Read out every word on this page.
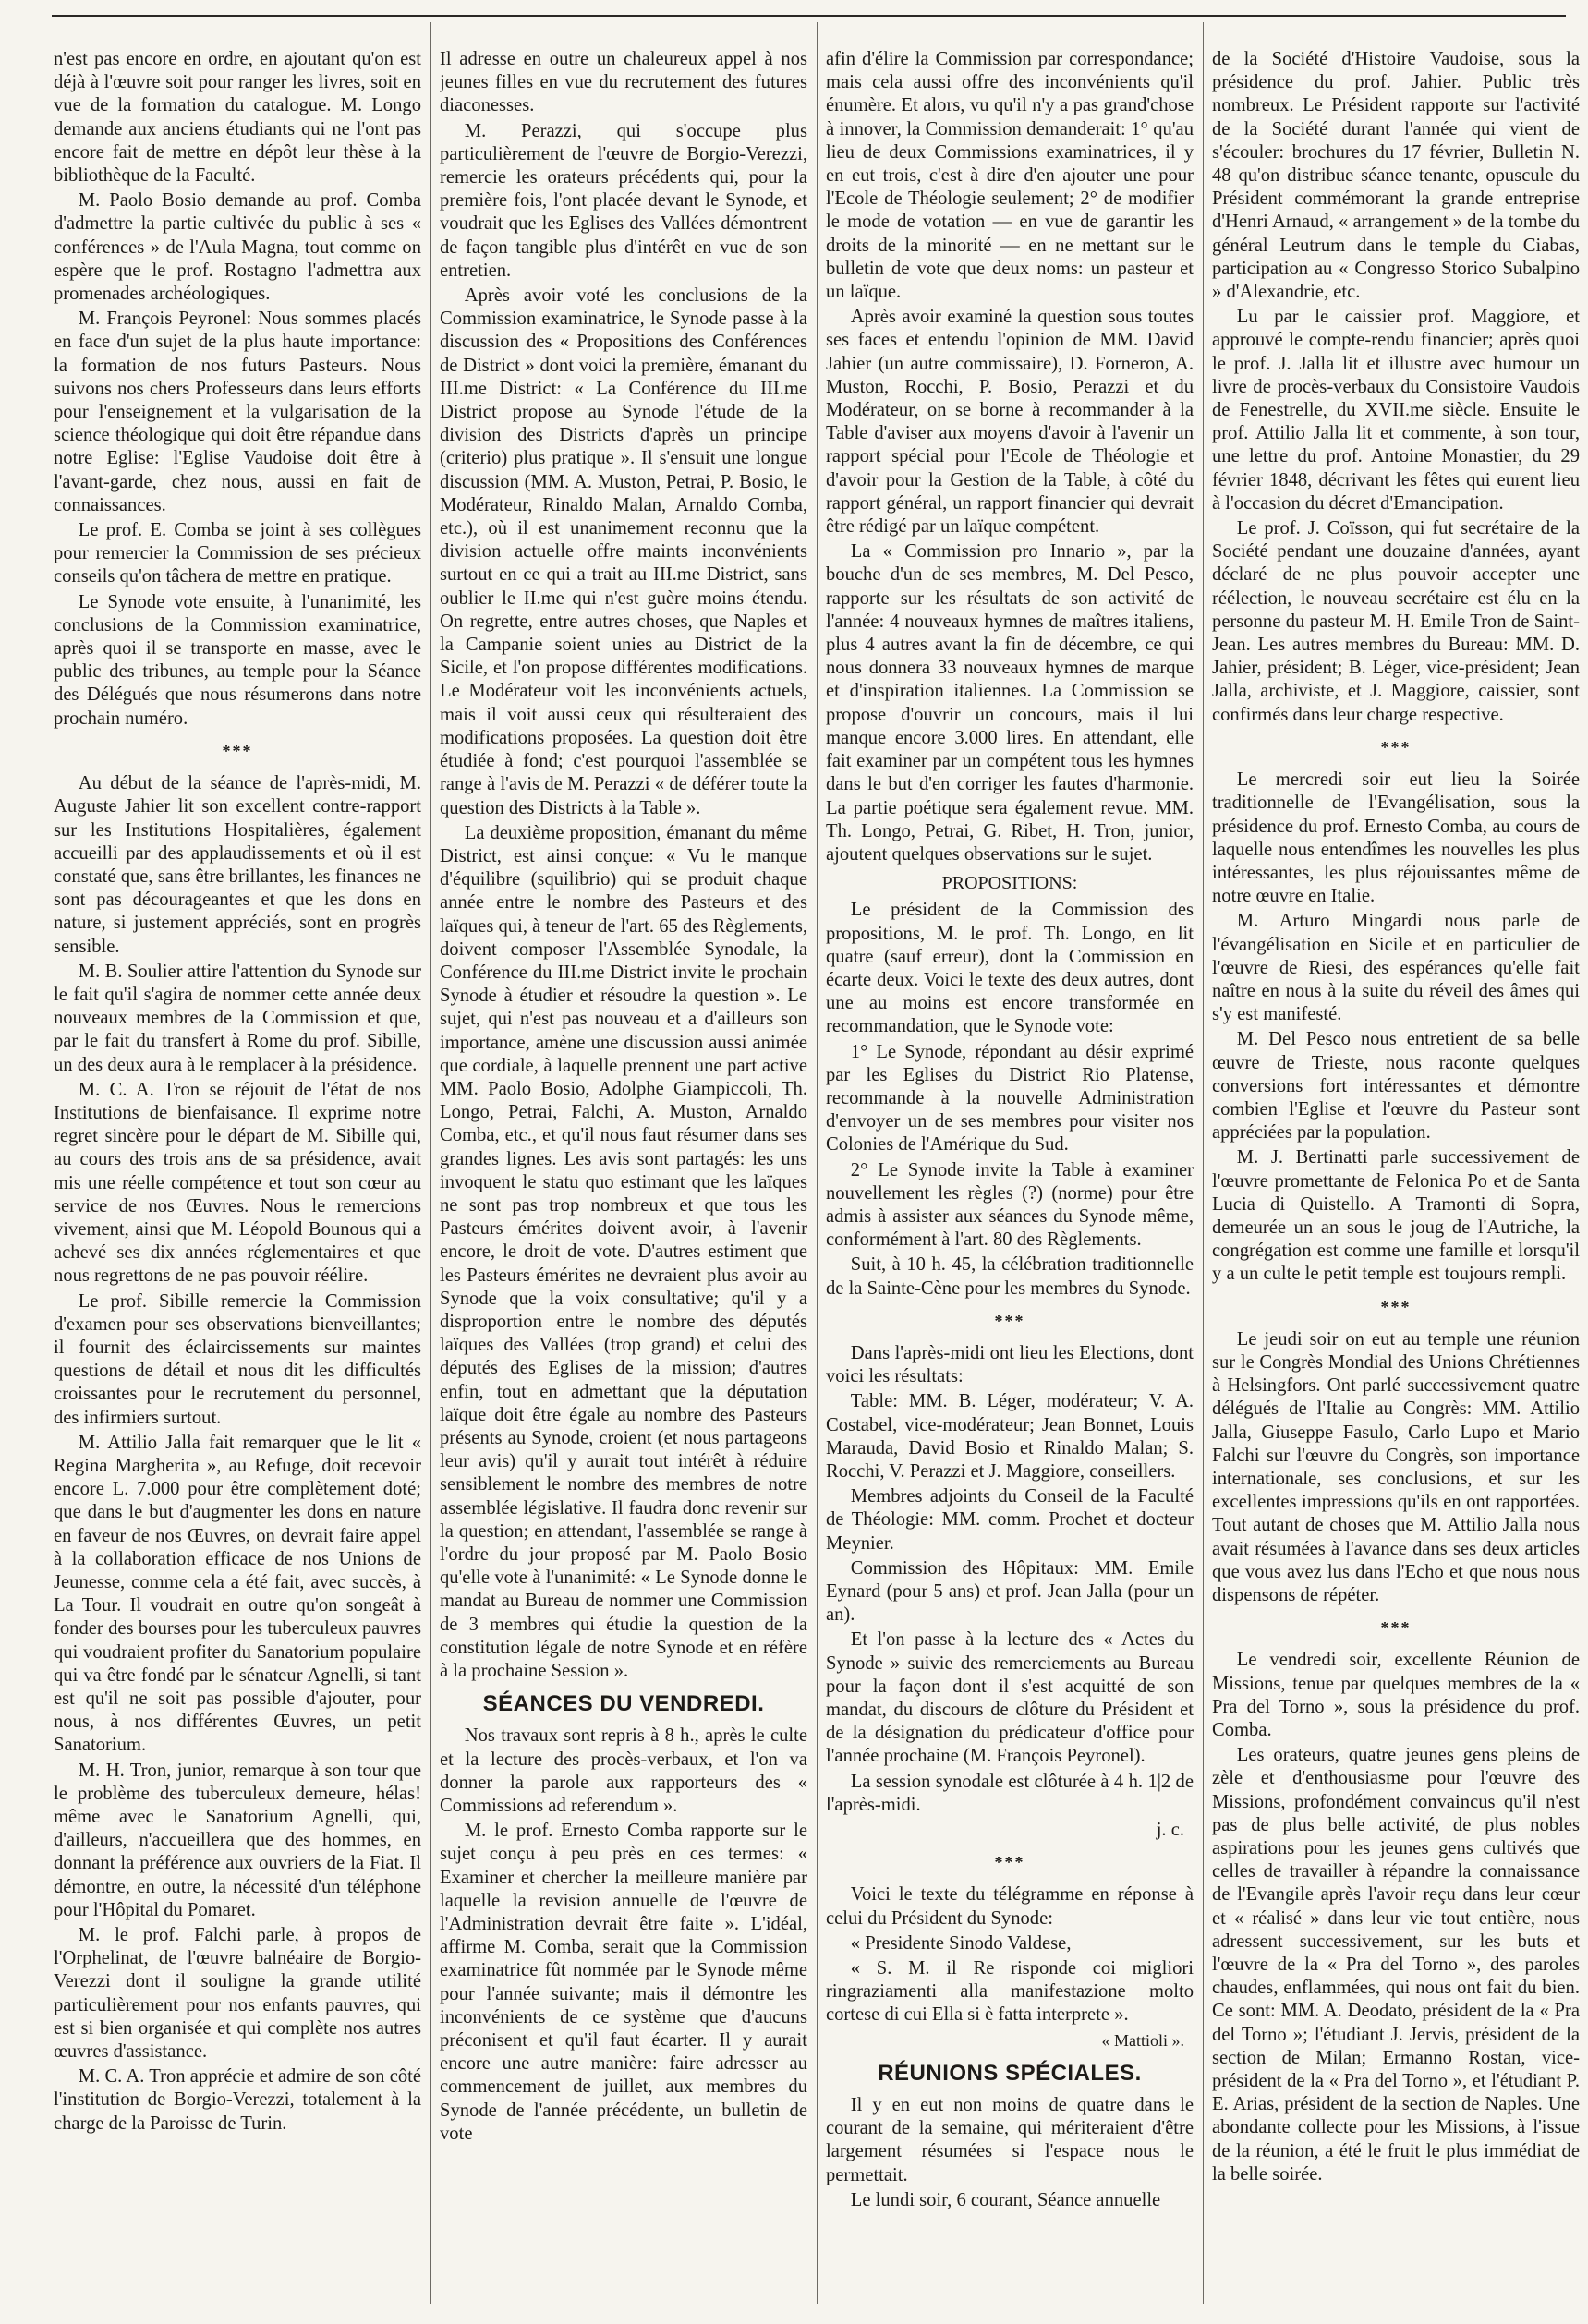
n'est pas encore en ordre, en ajoutant qu'on est déjà à l'œuvre soit pour ranger les livres, soit en vue de la formation du catalogue. M. Longo demande aux anciens étudiants qui ne l'ont pas encore fait de mettre en dépôt leur thèse à la bibliothèque de la Faculté.

M. Paolo Bosio demande au prof. Comba d'admettre la partie cultivée du public à ses « conférences » de l'Aula Magna, tout comme on espère que le prof. Rostagno l'admettra aux promenades archéologiques.

M. François Peyronel: Nous sommes placés en face d'un sujet de la plus haute importance: la formation de nos futurs Pasteurs. Nous suivons nos chers Professeurs dans leurs efforts pour l'enseignement et la vulgarisation de la science théologique qui doit être répandue dans notre Eglise: l'Eglise Vaudoise doit être à l'avant-garde, chez nous, aussi en fait de connaissances.

Le prof. E. Comba se joint à ses collègues pour remercier la Commission de ses précieux conseils qu'on tâchera de mettre en pratique.

Le Synode vote ensuite, à l'unanimité, les conclusions de la Commission examinatrice, après quoi il se transporte en masse, avec le public des tribunes, au temple pour la Séance des Délégués que nous résumerons dans notre prochain numéro.

***

Au début de la séance de l'après-midi, M. Auguste Jahier lit son excellent contre-rapport sur les Institutions Hospitalières, également accueilli par des applaudissements et où il est constaté que, sans être brillantes, les finances ne sont pas décourageantes et que les dons en nature, si justement appréciés, sont en progrès sensible.

M. B. Soulier attire l'attention du Synode sur le fait qu'il s'agira de nommer cette année deux nouveaux membres de la Commission et que, par le fait du transfert à Rome du prof. Sibille, un des deux aura à le remplacer à la présidence.

M. C. A. Tron se réjouit de l'état de nos Institutions de bienfaisance. Il exprime notre regret sincère pour le départ de M. Sibille qui, au cours des trois ans de sa présidence, avait mis une réelle compétence et tout son cœur au service de nos Œuvres. Nous le remercions vivement, ainsi que M. Léopold Bounous qui a achevé ses dix années réglementaires et que nous regrettons de ne pas pouvoir réélire.

Le prof. Sibille remercie la Commission d'examen pour ses observations bienveillantes; il fournit des éclaircissements sur maintes questions de détail et nous dit les difficultés croissantes pour le recrutement du personnel, des infirmiers surtout.

M. Attilio Jalla fait remarquer que le lit « Regina Margherita », au Refuge, doit recevoir encore L. 7.000 pour être complètement doté; que dans le but d'augmenter les dons en nature en faveur de nos Œuvres, on devrait faire appel à la collaboration efficace de nos Unions de Jeunesse, comme cela a été fait, avec succès, à La Tour. Il voudrait en outre qu'on songeât à fonder des bourses pour les tuberculeux pauvres qui voudraient profiter du Sanatorium populaire qui va être fondé par le sénateur Agnelli, si tant est qu'il ne soit pas possible d'ajouter, pour nous, à nos différentes Œuvres, un petit Sanatorium.

M. H. Tron, junior, remarque à son tour que le problème des tuberculeux demeure, hélas! même avec le Sanatorium Agnelli, qui, d'ailleurs, n'accueillera que des hommes, en donnant la préférence aux ouvriers de la Fiat. Il démontre, en outre, la nécessité d'un téléphone pour l'Hôpital du Pomaret.

M. le prof. Falchi parle, à propos de l'Orphelinat, de l'œuvre balnéaire de Borgio-Verezzi dont il souligne la grande utilité particulièrement pour nos enfants pauvres, qui est si bien organisée et qui complète nos autres œuvres d'assistance.

M. C. A. Tron apprécie et admire de son côté l'institution de Borgio-Verezzi, totalement à la charge de la Paroisse de Turin.

Il adresse en outre un chaleureux appel à nos jeunes filles en vue du recrutement des futures diaconesses.

M. Perazzi, qui s'occupe plus particulièrement de l'œuvre de Borgio-Verezzi, remercie les orateurs précédents qui, pour la première fois, l'ont placée devant le Synode, et voudrait que les Eglises des Vallées démontrent de façon tangible plus d'intérêt en vue de son entretien.

Après avoir voté les conclusions de la Commission examinatrice, le Synode passe à la discussion des « Propositions des Conférences de District » dont voici la première, émanant du III.me District: « La Conférence du III.me District propose au Synode l'étude de la division des Districts d'après un principe (criterio) plus pratique ». Il s'ensuit une longue discussion (MM. A. Muston, Petrai, P. Bosio, le Modérateur, Rinaldo Malan, Arnaldo Comba, etc.), où il est unanimement reconnu que la division actuelle offre maints inconvénients surtout en ce qui a trait au III.me District, sans oublier le II.me qui n'est guère moins étendu. On regrette, entre autres choses, que Naples et la Campanie soient unies au District de la Sicile, et l'on propose différentes modifications. Le Modérateur voit les inconvénients actuels, mais il voit aussi ceux qui résulteraient des modifications proposées. La question doit être étudiée à fond; c'est pourquoi l'assemblée se range à l'avis de M. Perazzi « de déférer toute la question des Districts à la Table ».

La deuxième proposition, émanant du même District, est ainsi conçue: « Vu le manque d'équilibre (squilibrio) qui se produit chaque année entre le nombre des Pasteurs et des laïques qui, à teneur de l'art. 65 des Règlements, doivent composer l'Assemblée Synodale, la Conférence du III.me District invite le prochain Synode à étudier et résoudre la question ». Le sujet, qui n'est pas nouveau et a d'ailleurs son importance, amène une discussion aussi animée que cordiale, à laquelle prennent une part active MM. Paolo Bosio, Adolphe Giampiccoli, Th. Longo, Petrai, Falchi, A. Muston, Arnaldo Comba, etc., et qu'il nous faut résumer dans ses grandes lignes. Les avis sont partagés: les uns invoquent le statu quo estimant que les laïques ne sont pas trop nombreux et que tous les Pasteurs émérites doivent avoir, à l'avenir encore, le droit de vote. D'autres estiment que les Pasteurs émérites ne devraient plus avoir au Synode que la voix consultative; qu'il y a disproportion entre le nombre des députés laïques des Vallées (trop grand) et celui des députés des Eglises de la mission; d'autres enfin, tout en admettant que la députation laïque doit être égale au nombre des Pasteurs présents au Synode, croient (et nous partageons leur avis) qu'il y aurait tout intérêt à réduire sensiblement le nombre des membres de notre assemblée législative. Il faudra donc revenir sur la question; en attendant, l'assemblée se range à l'ordre du jour proposé par M. Paolo Bosio qu'elle vote à l'unanimité: « Le Synode donne le mandat au Bureau de nommer une Commission de 3 membres qui étudie la question de la constitution légale de notre Synode et en réfère à la prochaine Session ».

SÉANCES DU VENDREDI.

Nos travaux sont repris à 8 h., après le culte et la lecture des procès-verbaux, et l'on va donner la parole aux rapporteurs des « Commissions ad referendum ».

M. le prof. Ernesto Comba rapporte sur le sujet conçu à peu près en ces termes: « Examiner et chercher la meilleure manière par laquelle la revision annuelle de l'œuvre de l'Administration devrait être faite ». L'idéal, affirme M. Comba, serait que la Commission examinatrice fût nommée par le Synode même pour l'année suivante; mais il démontre les inconvénients de ce système que d'aucuns préconisent et qu'il faut écarter. Il y aurait encore une autre manière: faire adresser au commencement de juillet, aux membres du Synode de l'année précédente, un bulletin de vote

afin d'élire la Commission par correspondance; mais cela aussi offre des inconvénients qu'il énumère. Et alors, vu qu'il n'y a pas grand'chose à innover, la Commission demanderait: 1° qu'au lieu de deux Commissions examinatrices, il y en eut trois, c'est à dire d'en ajouter une pour l'Ecole de Théologie seulement; 2° de modifier le mode de votation — en vue de garantir les droits de la minorité — en ne mettant sur le bulletin de vote que deux noms: un pasteur et un laïque.

Après avoir examiné la question sous toutes ses faces et entendu l'opinion de MM. David Jahier (un autre commissaire), D. Forneron, A. Muston, Rocchi, P. Bosio, Perazzi et du Modérateur, on se borne à recommander à la Table d'aviser aux moyens d'avoir à l'avenir un rapport spécial pour l'Ecole de Théologie et d'avoir pour la Gestion de la Table, à côté du rapport général, un rapport financier qui devrait être rédigé par un laïque compétent.

La « Commission pro Innario », par la bouche d'un de ses membres, M. Del Pesco, rapporte sur les résultats de son activité de l'année: 4 nouveaux hymnes de maîtres italiens, plus 4 autres avant la fin de décembre, ce qui nous donnera 33 nouveaux hymnes de marque et d'inspiration italiennes. La Commission se propose d'ouvrir un concours, mais il lui manque encore 3.000 lires. En attendant, elle fait examiner par un compétent tous les hymnes dans le but d'en corriger les fautes d'harmonie. La partie poétique sera également revue. MM. Th. Longo, Petrai, G. Ribet, H. Tron, junior, ajoutent quelques observations sur le sujet.

PROPOSITIONS:

Le président de la Commission des propositions, M. le prof. Th. Longo, en lit quatre (sauf erreur), dont la Commission en écarte deux. Voici le texte des deux autres, dont une au moins est encore transformée en recommandation, que le Synode vote:

1° Le Synode, répondant au désir exprimé par les Eglises du District Rio Platense, recommande à la nouvelle Administration d'envoyer un de ses membres pour visiter nos Colonies de l'Amérique du Sud.

2° Le Synode invite la Table à examiner nouvellement les règles (?) (norme) pour être admis à assister aux séances du Synode même, conformément à l'art. 80 des Règlements.

Suit, à 10 h. 45, la célébration traditionnelle de la Sainte-Cène pour les membres du Synode.

***

Dans l'après-midi ont lieu les Elections, dont voici les résultats:

Table: MM. B. Léger, modérateur; V. A. Costabel, vice-modérateur; Jean Bonnet, Louis Marauda, David Bosio et Rinaldo Malan; S. Rocchi, V. Perazzi et J. Maggiore, conseillers.

Membres adjoints du Conseil de la Faculté de Théologie: MM. comm. Prochet et docteur Meynier.

Commission des Hôpitaux: MM. Emile Eynard (pour 5 ans) et prof. Jean Jalla (pour un an).

Et l'on passe à la lecture des « Actes du Synode » suivie des remerciements au Bureau pour la façon dont il s'est acquitté de son mandat, du discours de clôture du Président et de la désignation du prédicateur d'office pour l'année prochaine (M. François Peyronel).

La session synodale est clôturée à 4 h. 1|2 de l'après-midi.

j. c.
***

Voici le texte du télégramme en réponse à celui du Président du Synode:

« Presidente Sinodo Valdese,

« S. M. il Re risponde coi migliori ringraziamenti alla manifestazione molto cortese di cui Ella si è fatta interprete ».

« Mattioli ».
RÉUNIONS SPÉCIALES.

Il y en eut non moins de quatre dans le courant de la semaine, qui mériteraient d'être largement résumées si l'espace nous le permettait.

Le lundi soir, 6 courant, Séance annuelle

de la Société d'Histoire Vaudoise, sous la présidence du prof. Jahier. Public très nombreux. Le Président rapporte sur l'activité de la Société durant l'année qui vient de s'écouler: brochures du 17 février, Bulletin N. 48 qu'on distribue séance tenante, opuscule du Président commémorant la grande entreprise d'Henri Arnaud, « arrangement » de la tombe du général Leutrum dans le temple du Ciabas, participation au « Congresso Storico Subalpino » d'Alexandrie, etc.

Lu par le caissier prof. Maggiore, et approuvé le compte-rendu financier; après quoi le prof. J. Jalla lit et illustre avec humour un livre de procès-verbaux du Consistoire Vaudois de Fenestrelle, du XVII.me siècle. Ensuite le prof. Attilio Jalla lit et commente, à son tour, une lettre du prof. Antoine Monastier, du 29 février 1848, décrivant les fêtes qui eurent lieu à l'occasion du décret d'Emancipation.

Le prof. J. Coïsson, qui fut secrétaire de la Société pendant une douzaine d'années, ayant déclaré de ne plus pouvoir accepter une réélection, le nouveau secrétaire est élu en la personne du pasteur M. H. Emile Tron de Saint-Jean. Les autres membres du Bureau: MM. D. Jahier, président; B. Léger, vice-président; Jean Jalla, archiviste, et J. Maggiore, caissier, sont confirmés dans leur charge respective.

***

Le mercredi soir eut lieu la Soirée traditionnelle de l'Evangélisation, sous la présidence du prof. Ernesto Comba, au cours de laquelle nous entendîmes les nouvelles les plus intéressantes, les plus réjouissantes même de notre œuvre en Italie.

M. Arturo Mingardi nous parle de l'évangélisation en Sicile et en particulier de l'œuvre de Riesi, des espérances qu'elle fait naître en nous à la suite du réveil des âmes qui s'y est manifesté.

M. Del Pesco nous entretient de sa belle œuvre de Trieste, nous raconte quelques conversions fort intéressantes et démontre combien l'Eglise et l'œuvre du Pasteur sont appréciées par la population.

M. J. Bertinatti parle successivement de l'œuvre promettante de Felonica Po et de Santa Lucia di Quistello. A Tramonti di Sopra, demeurée un an sous le joug de l'Autriche, la congrégation est comme une famille et lorsqu'il y a un culte le petit temple est toujours rempli.

***

Le jeudi soir on eut au temple une réunion sur le Congrès Mondial des Unions Chrétiennes à Helsingfors. Ont parlé successivement quatre délégués de l'Italie au Congrès: MM. Attilio Jalla, Giuseppe Fasulo, Carlo Lupo et Mario Falchi sur l'œuvre du Congrès, son importance internationale, ses conclusions, et sur les excellentes impressions qu'ils en ont rapportées. Tout autant de choses que M. Attilio Jalla nous avait résumées à l'avance dans ses deux articles que vous avez lus dans l'Echo et que nous nous dispensons de répéter.

***

Le vendredi soir, excellente Réunion de Missions, tenue par quelques membres de la « Pra del Torno », sous la présidence du prof. Comba.

Les orateurs, quatre jeunes gens pleins de zèle et d'enthousiasme pour l'œuvre des Missions, profondément convaincus qu'il n'est pas de plus belle activité, de plus nobles aspirations pour les jeunes gens cultivés que celles de travailler à répandre la connaissance de l'Evangile après l'avoir reçu dans leur cœur et « réalisé » dans leur vie tout entière, nous adressent successivement, sur les buts et l'œuvre de la « Pra del Torno », des paroles chaudes, enflammées, qui nous ont fait du bien. Ce sont: MM. A. Deodato, président de la « Pra del Torno »; l'étudiant J. Jervis, président de la section de Milan; Ermanno Rostan, vice-président de la « Pra del Torno », et l'étudiant P. E. Arias, président de la section de Naples. Une abondante collecte pour les Missions, à l'issue de la réunion, a été le fruit le plus immédiat de la belle soirée.
